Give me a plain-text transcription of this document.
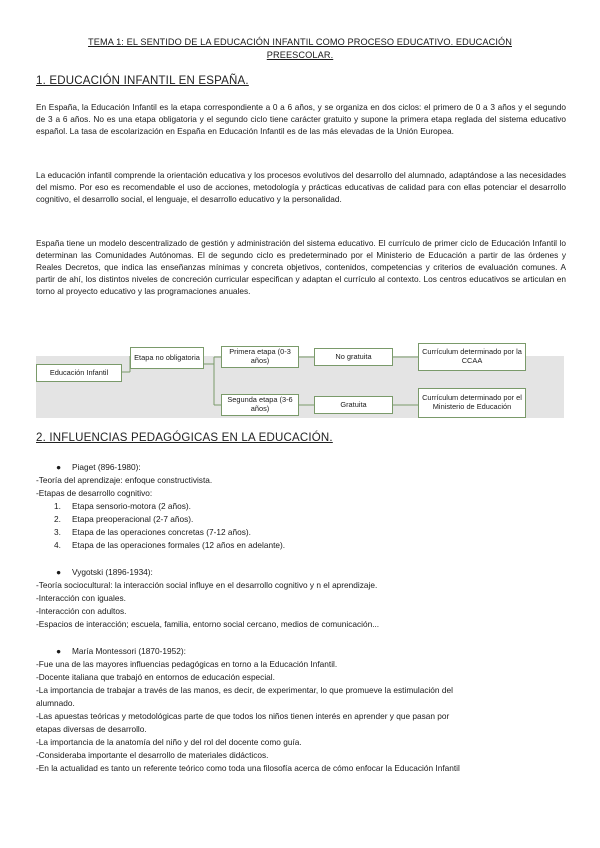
TEMA 1: EL SENTIDO DE LA EDUCACIÓN INFANTIL COMO PROCESO EDUCATIVO. EDUCACIÓN PREESCOLAR.
1. EDUCACIÓN INFANTIL EN ESPAÑA.

En España, la Educación Infantil es la etapa correspondiente a 0 a 6 años, y se organiza en dos ciclos: el primero de 0 a 3 años y el segundo de 3 a 6 años. No es una etapa obligatoria y el segundo ciclo tiene carácter gratuito y supone la primera etapa reglada del sistema educativo español. La tasa de escolarización en España en Educación Infantil es de las más elevadas de la Unión Europea.

La educación infantil comprende la orientación educativa y los procesos evolutivos del desarrollo del alumnado, adaptándose a las necesidades del mismo. Por eso es recomendable el uso de acciones, metodología y prácticas educativas de calidad para con ellas potenciar el desarrollo cognitivo, el desarrollo social, el lenguaje, el desarrollo educativo y la personalidad.

España tiene un modelo descentralizado de gestión y administración del sistema educativo. El currículo de primer ciclo de Educación Infantil lo determinan las Comunidades Autónomas. El de segundo ciclo es predeterminado por el Ministerio de Educación a partir de las órdenes y Reales Decretos, que indica las enseñanzas mínimas y concreta objetivos, contenidos, competencias y criterios de evaluación comunes. A partir de ahí, los distintos niveles de concreción curricular especifican y adaptan el currículo al contexto. Los centros educativos se articulan en torno al proyecto educativo y las programaciones anuales.

Educación Infantil
Etapa no obligatoria
Primera etapa (0-3 años)
Segunda etapa (3-6 años)
No gratuita
Gratuita
Currículum determinado por la CCAA
Currículum determinado por el Ministerio de Educación
2. INFLUENCIAS PEDAGÓGICAS EN LA EDUCACIÓN.
● Piaget (896-1980):
-Teoría del aprendizaje: enfoque constructivista.
-Etapas de desarrollo cognitivo:
1. Etapa sensorio-motora (2 años).
2. Etapa preoperacional (2-7 años).
3. Etapa de las operaciones concretas (7-12 años).
4. Etapa de las operaciones formales (12 años en adelante).
● Vygotski (1896-1934):
-Teoría sociocultural: la interacción social influye en el desarrollo cognitivo y n el aprendizaje.
-Interacción con iguales.
-Interacción con adultos.
-Espacios de interacción; escuela, familia, entorno social cercano, medios de comunicación...
● María Montessori (1870-1952):
-Fue una de las mayores influencias pedagógicas en torno a la Educación Infantil.
-Docente italiana que trabajó en entornos de educación especial.
-La importancia de trabajar a través de las manos, es decir, de experimentar, lo que promueve la estimulación del
alumnado.
-Las apuestas teóricas y metodológicas parte de que todos los niños tienen interés en aprender y que pasan por
etapas diversas de desarrollo.
-La importancia de la anatomía del niño y del rol del docente como guía.
-Consideraba importante el desarrollo de materiales didácticos.
-En la actualidad es tanto un referente teórico como toda una filosofía acerca de cómo enfocar la Educación Infantil
